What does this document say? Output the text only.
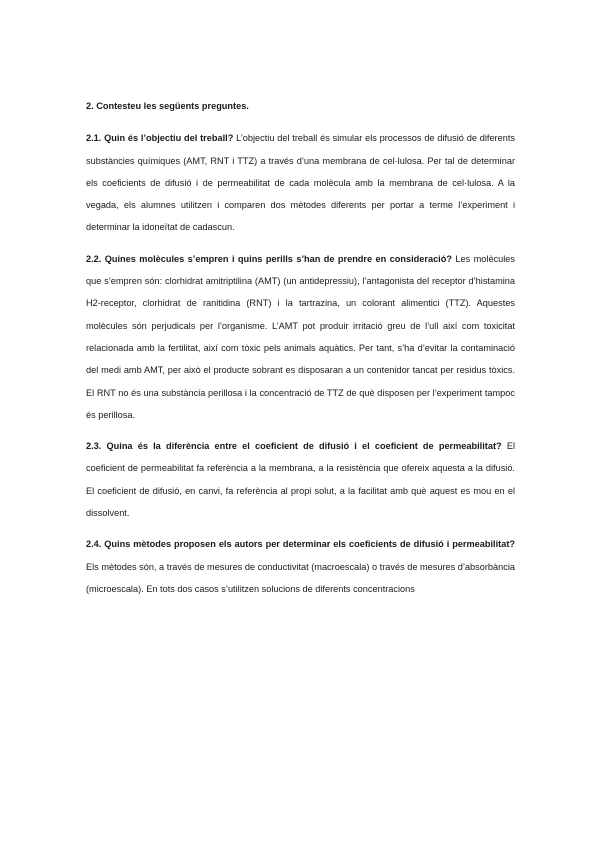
2. Contesteu les següents preguntes.

2.1. Quin és l’objectiu del treball? L’objectiu del treball és simular els processos de difusió de diferents substàncies químiques (AMT, RNT i TTZ) a través d’una membrana de cel·lulosa. Per tal de determinar els coeficients de difusió i de permeabilitat de cada molècula amb la membrana de cel·lulosa. A la vegada, els alumnes utilitzen i comparen dos mètodes diferents per portar a terme l’experiment i determinar la idoneïtat de cadascun.

2.2. Quines molècules s’empren i quins perills s’han de prendre en consideració? Les molècules que s’empren són: clorhidrat amitriptilina (AMT) (un antidepressiu), l’antagonista del receptor d’histamina H2-receptor, clorhidrat de ranitidina (RNT) i la tartrazina, un colorant alimentici (TTZ). Aquestes molècules són perjudicals per l’organisme. L’AMT pot produir irritació greu de l’ull així com toxicitat relacionada amb la fertilitat, així com tòxic pels animals aquàtics. Per tant, s’ha d’evitar la contaminació del medi amb AMT, per això el producte sobrant es disposaran a un contenidor tancat per residus tòxics. El RNT no és una substància perillosa i la concentració de TTZ de què disposen per l’experiment tampoc és perillosa.

2.3. Quina és la diferència entre el coeficient de difusió i el coeficient de permeabilitat? El coeficient de permeabilitat fa referència a la membrana, a la resistència que ofereix aquesta a la difusió. El coeficient de difusió, en canvi, fa referència al propi solut, a la facilitat amb què aquest es mou en el dissolvent.

2.4. Quins mètodes proposen els autors per determinar els coeficients de difusió i permeabilitat? Els mètodes són, a través de mesures de conductivitat (macroescala) o través de mesures d’absorbància (microescala). En tots dos casos s’utilitzen solucions de diferents concentracions
